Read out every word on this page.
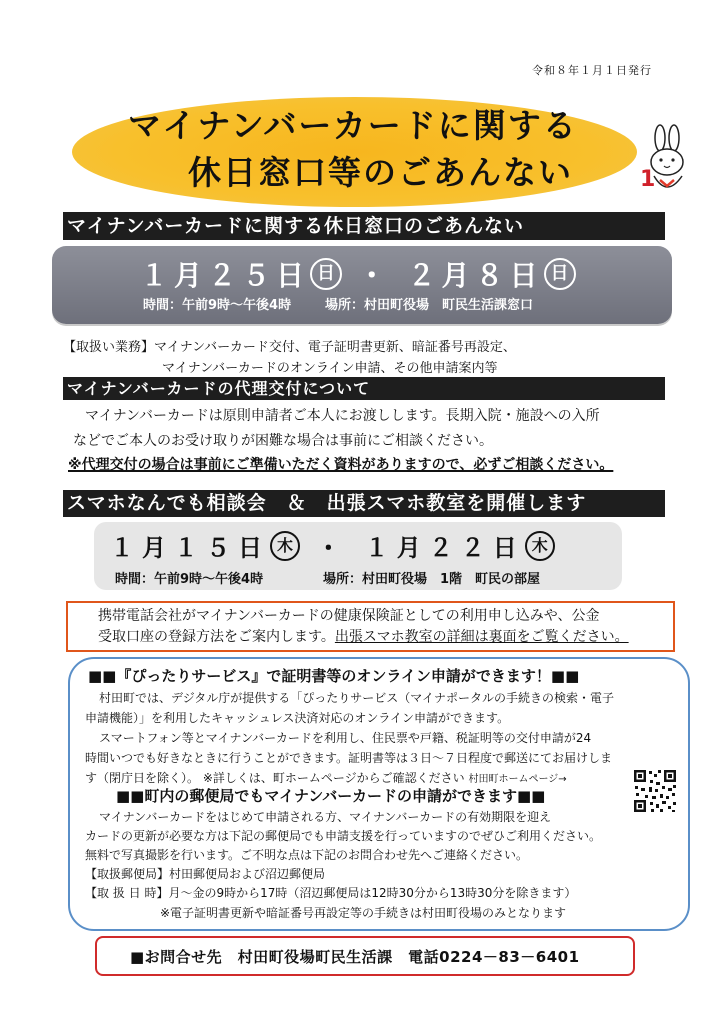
令和８年１月１日発行
マイナンバーカードに関する
休日窓口等のごあんない	1
マイナンバーカードに関する休日窓口のごあんない
１月２５日 日 ・ ２月８日 日
時間：午前9時～午後4時	場所：村田町役場　町民生活課窓口
【取扱い業務】マイナンバーカード交付、電子証明書更新、暗証番号再設定、
マイナンバーカードのオンライン申請、その他申請案内等
マイナンバーカードの代理交付について
マイナンバーカードは原則申請者ご本人にお渡しします。長期入院・施設への入所
などでご本人のお受け取りが困難な場合は事前にご相談ください。
※代理交付の場合は事前にご準備いただく資料がありますので、必ずご相談ください。
スマホなんでも相談会　＆　出張スマホ教室を開催します
１月１５日 木 ・ １月２２日 木
時間：午前9時～午後4時	場所：村田町役場　1階　町民の部屋
携帯電話会社がマイナンバーカードの健康保険証としての利用申し込みや、公金
受取口座の登録方法をご案内します。出張スマホ教室の詳細は裏面をご覧ください。
■■『ぴったりサービス』で証明書等のオンライン申請ができます！■■
村田町では、デジタル庁が提供する「ぴったりサービス（マイナポータルの手続きの検索・電子
申請機能）」を利用したキャッシュレス決済対応のオンライン申請ができます。
スマートフォン等とマイナンバーカードを利用し、住民票や戸籍、税証明等の交付申請が24
時間いつでも好きなときに行うことができます。証明書等は３日～７日程度で郵送にてお届けしま
す（閉庁日を除く）。 ※詳しくは、町ホームページからご確認ください 村田町ホームページ→
■■町内の郵便局でもマイナンバーカードの申請ができます■■
マイナンバーカードをはじめて申請される方、マイナンバーカードの有効期限を迎え
カードの更新が必要な方は下記の郵便局でも申請支援を行っていますのでぜひご利用ください。
無料で写真撮影を行います。ご不明な点は下記のお問合わせ先へご連絡ください。
【取扱郵便局】村田郵便局および沼辺郵便局
【取 扱 日 時】月～金の9時から17時（沼辺郵便局は12時30分から13時30分を除きます）
※電子証明書更新や暗証番号再設定等の手続きは村田町役場のみとなります
■お問合せ先　村田町役場町民生活課　電話0224－83－6401
